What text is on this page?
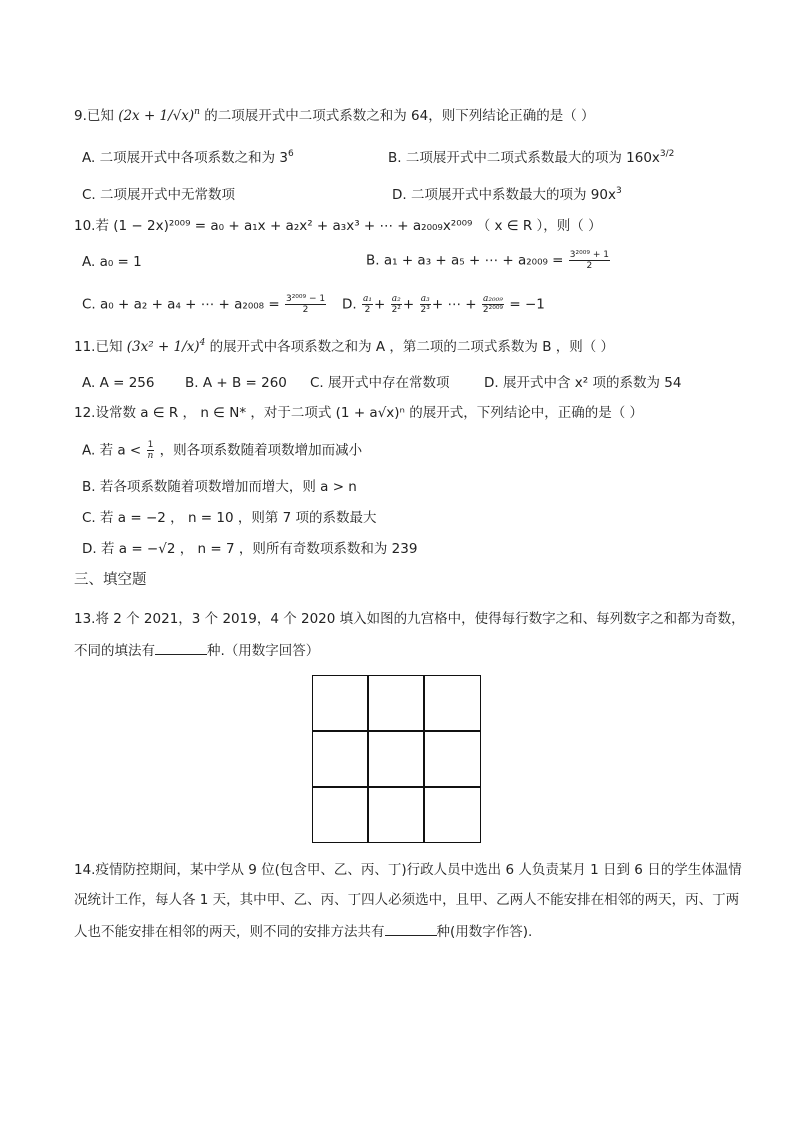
9.已知 $(2x + 1/√x)^n$ 的二项展开式中二项式系数之和为 64，则下列结论正确的是（ ）
A. 二项展开式中各项系数之和为 $3^6$	B. 二项展开式中二项式系数最大的项为 $160x^{3/2}$
C. 二项展开式中无常数项	D. 二项展开式中系数最大的项为 $90x^3$
10.若 (1 − 2x)²⁰⁰⁹ = a₀ + a₁x + a₂x² + a₃x³ + ⋯ + a₂₀₀₉x²⁰⁰⁹ （ x ∈ R ），则（ ）
A. a₀ = 1	B. a₁ + a₃ + a₅ + ⋯ + $a_{2009} = \frac{\text{3²⁰⁰⁹ + 1}}{2}$
C. a₀ + a₂ + a₄ + ⋯ + $a_{2008} = \frac{\text{3²⁰⁰⁹ − 1}}{2} D$. $\frac{\text{a₁}}{2} + \frac{\text{a₂}}{\text{2²}} + \frac{\text{a₃}}{\text{2³}}$ + ⋯ + $\frac{\text{a₂₀₀₉}}{\text{2²⁰⁰⁹}} = -1$
11.已知 $(3x^2 + 1/x)^4$ 的展开式中各项系数之和为 A ，第二项的二项式系数为 B ，则（ ）
A. A = 256 B. A + B = 260 C. 展开式中存在常数项	D. 展开式中含 x² 项的系数为 54
12.设常数 a ∈ R ， n ∈ N* ，对于二项式 (1 + a√x)ⁿ 的展开式，下列结论中，正确的是（ ）
A. 若 $a < \frac{1}{n}$ ，则各项系数随着项数增加而减小
B. 若各项系数随着项数增加而增大，则 a > n
C. 若 a = −2 ， n = 10 ，则第 7 项的系数最大
D. 若 a = −√2 ， n = 7 ，则所有奇数项系数和为 239
三、填空题
13.将 2 个 2021，3 个 2019，4 个 2020 填入如图的九宫格中，使得每行数字之和、每列数字之和都为奇数，
不同的填法有	种.（用数字回答）
14.疫情防控期间，某中学从 9 位(包含甲、乙、丙、丁)行政人员中选出 6 人负责某月 1 日到 6 日的学生体温情
况统计工作，每人各 1 天，其中甲、乙、丙、丁四人必须选中，且甲、乙两人不能安排在相邻的两天，丙、丁两
人也不能安排在相邻的两天，则不同的安排方法共有	种(用数字作答).
